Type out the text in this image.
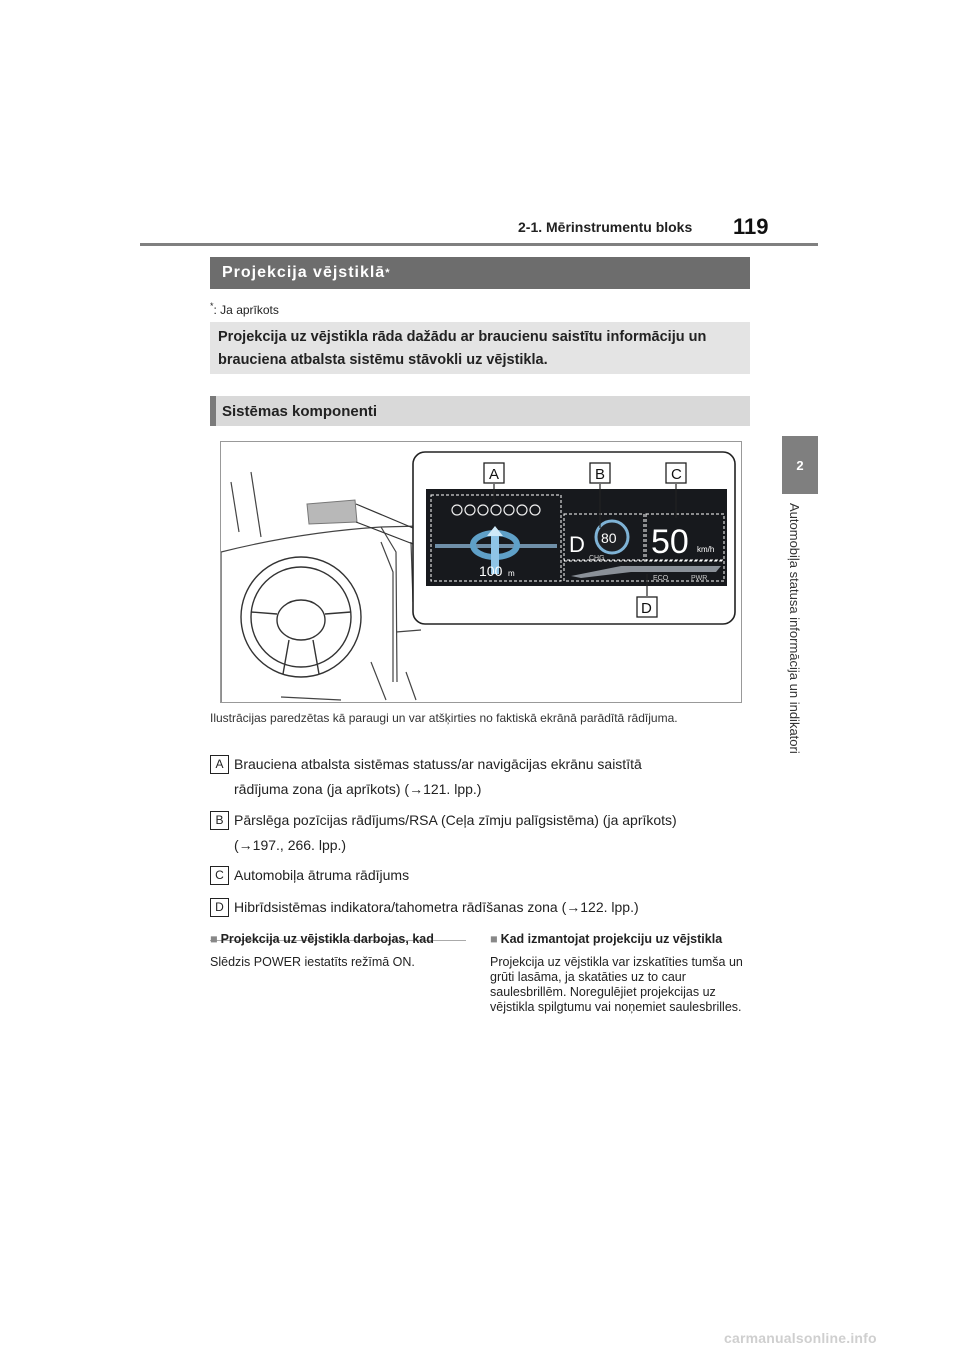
2-1. Mērinstrumentu bloks 119
2
Automobiļa statusa informācija un indikatori
Projekcija vējstiklā *
*: Ja aprīkots
Projekcija uz vējstikla rāda dažādu ar braucienu saistītu informāciju un brauciena atbalsta sistēmu stāvokli uz vējstikla.
Sistēmas komponenti
100 m
D 80
CHG 50 km/h
ECO	PWR
A	B	C
D
Ilustrācijas paredzētas kā paraugi un var atšķirties no faktiskā ekrānā parādītā rādījuma.
A Brauciena atbalsta sistēmas statuss/ar navigācijas ekrānu saistītā
rādījuma zona (ja aprīkots) (→121. lpp.)
B Pārslēga pozīcijas rādījums/RSA (Ceļa zīmju palīgsistēma) (ja aprīkots)
(→197., 266. lpp.)
C Automobiļa ātruma rādījums
D Hibrīdsistēmas indikatora/tahometra rādīšanas zona (→122. lpp.)
■ Projekcija uz vējstikla darbojas, kad
Slēdzis POWER iestatīts režīmā ON.
■ Kad izmantojat projekciju uz vējstikla
Projekcija uz vējstikla var izskatīties tumša un grūti lasāma, ja skatāties uz to caur saulesbrillēm. Noregulējiet projekcijas uz vējstikla spilgtumu vai noņemiet saulesbrilles.
carmanualsonline.info
